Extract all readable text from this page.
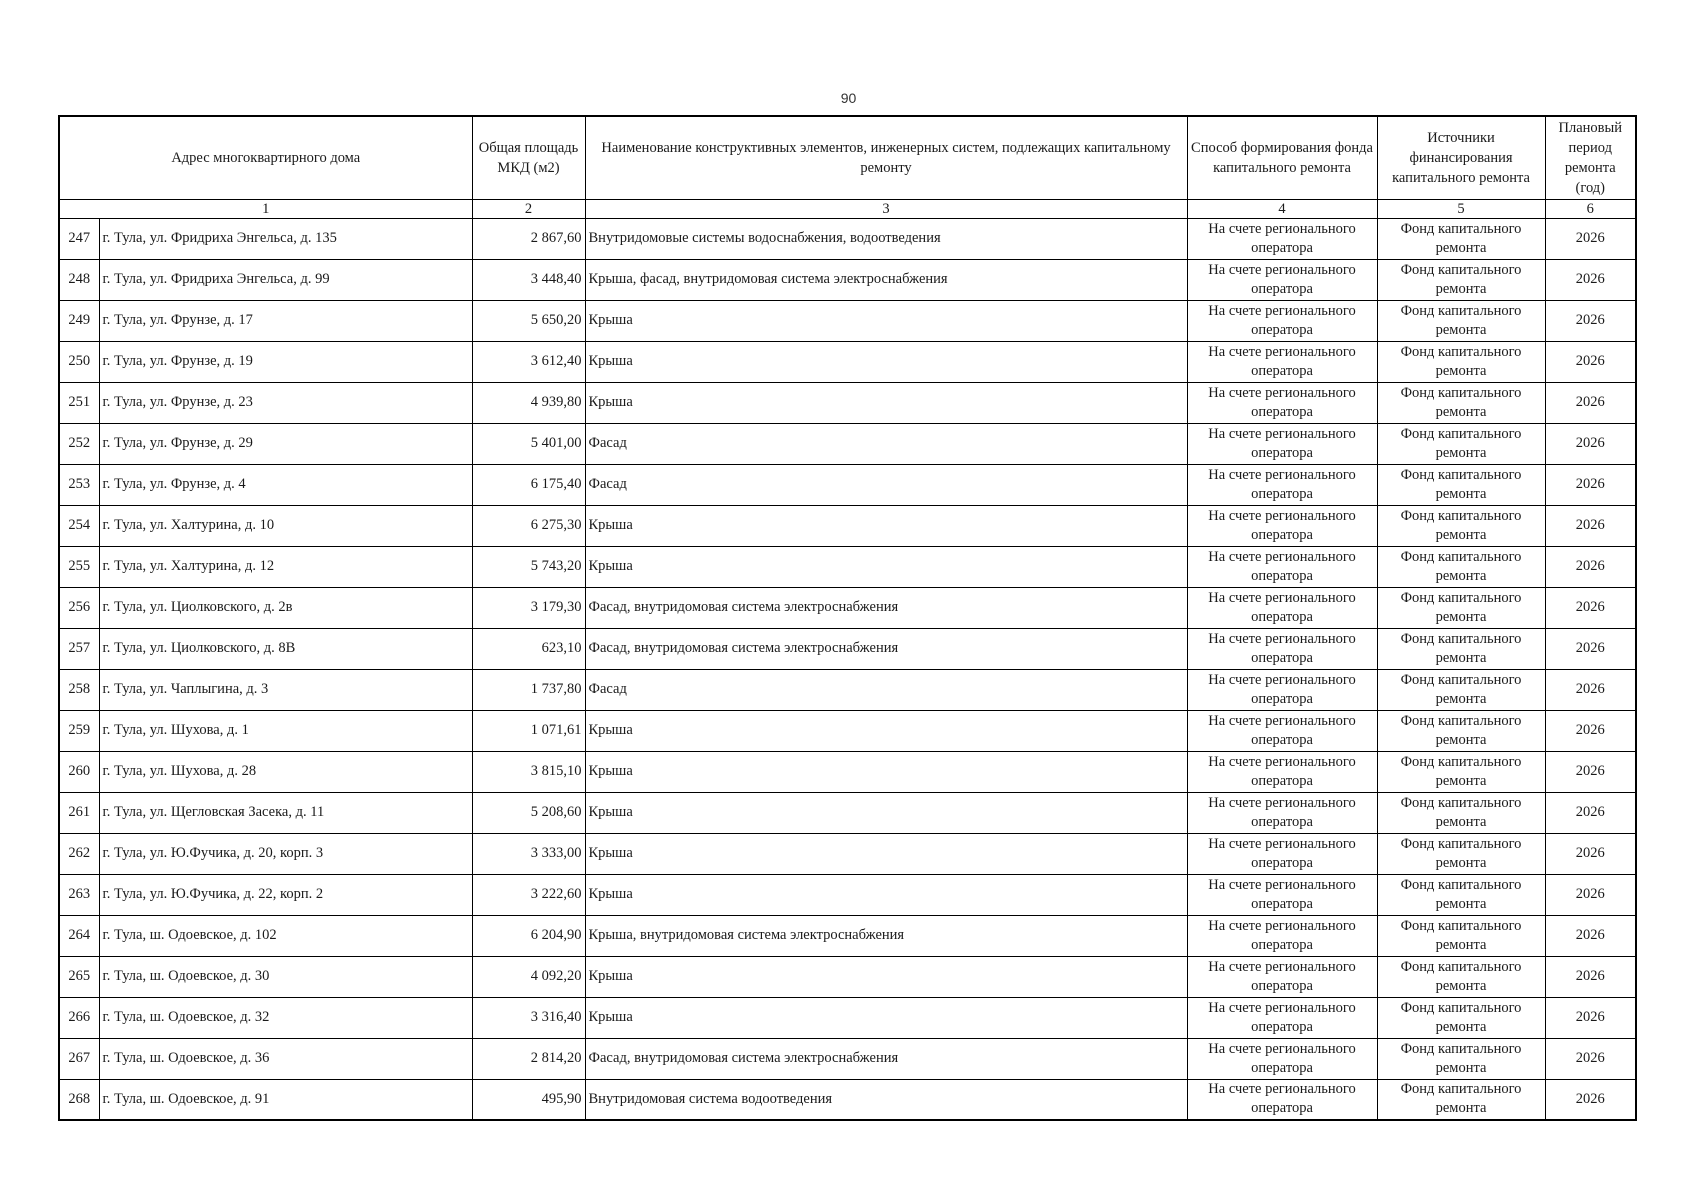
90
Адрес многоквартирного дома		Общая площадь МКД (м2)	Наименование конструктивных элементов, инженерных систем, подлежащих капитальному ремонту	Способ формирования фонда капитального ремонта	Источники финансирования капитального ремонта	Плановый период ремонта (год)
1		2	3	4	5	6
247	г. Тула, ул. Фридриха Энгельса, д. 135	2 867,60	Внутридомовые системы водоснабжения, водоотведения	На счете регионального оператора	Фонд капитального ремонта	2026
248	г. Тула, ул. Фридриха Энгельса, д. 99	3 448,40	Крыша, фасад, внутридомовая система электроснабжения	На счете регионального оператора	Фонд капитального ремонта	2026
249	г. Тула, ул. Фрунзе, д. 17	5 650,20	Крыша	На счете регионального оператора	Фонд капитального ремонта	2026
250	г. Тула, ул. Фрунзе, д. 19	3 612,40	Крыша	На счете регионального оператора	Фонд капитального ремонта	2026
251	г. Тула, ул. Фрунзе, д. 23	4 939,80	Крыша	На счете регионального оператора	Фонд капитального ремонта	2026
252	г. Тула, ул. Фрунзе, д. 29	5 401,00	Фасад	На счете регионального оператора	Фонд капитального ремонта	2026
253	г. Тула, ул. Фрунзе, д. 4	6 175,40	Фасад	На счете регионального оператора	Фонд капитального ремонта	2026
254	г. Тула, ул. Халтурина, д. 10	6 275,30	Крыша	На счете регионального оператора	Фонд капитального ремонта	2026
255	г. Тула, ул. Халтурина, д. 12	5 743,20	Крыша	На счете регионального оператора	Фонд капитального ремонта	2026
256	г. Тула, ул. Циолковского, д. 2в	3 179,30	Фасад, внутридомовая система электроснабжения	На счете регионального оператора	Фонд капитального ремонта	2026
257	г. Тула, ул. Циолковского, д. 8В	623,10	Фасад, внутридомовая система электроснабжения	На счете регионального оператора	Фонд капитального ремонта	2026
258	г. Тула, ул. Чаплыгина, д. 3	1 737,80	Фасад	На счете регионального оператора	Фонд капитального ремонта	2026
259	г. Тула, ул. Шухова, д. 1	1 071,61	Крыша	На счете регионального оператора	Фонд капитального ремонта	2026
260	г. Тула, ул. Шухова, д. 28	3 815,10	Крыша	На счете регионального оператора	Фонд капитального ремонта	2026
261	г. Тула, ул. Щегловская Засека, д. 11	5 208,60	Крыша	На счете регионального оператора	Фонд капитального ремонта	2026
262	г. Тула, ул. Ю.Фучика, д. 20, корп. 3	3 333,00	Крыша	На счете регионального оператора	Фонд капитального ремонта	2026
263	г. Тула, ул. Ю.Фучика, д. 22, корп. 2	3 222,60	Крыша	На счете регионального оператора	Фонд капитального ремонта	2026
264	г. Тула, ш. Одоевское, д. 102	6 204,90	Крыша, внутридомовая система электроснабжения	На счете регионального оператора	Фонд капитального ремонта	2026
265	г. Тула, ш. Одоевское, д. 30	4 092,20	Крыша	На счете регионального оператора	Фонд капитального ремонта	2026
266	г. Тула, ш. Одоевское, д. 32	3 316,40	Крыша	На счете регионального оператора	Фонд капитального ремонта	2026
267	г. Тула, ш. Одоевское, д. 36	2 814,20	Фасад, внутридомовая система электроснабжения	На счете регионального оператора	Фонд капитального ремонта	2026
268	г. Тула, ш. Одоевское, д. 91	495,90	Внутридомовая система водоотведения	На счете регионального оператора	Фонд капитального ремонта	2026
